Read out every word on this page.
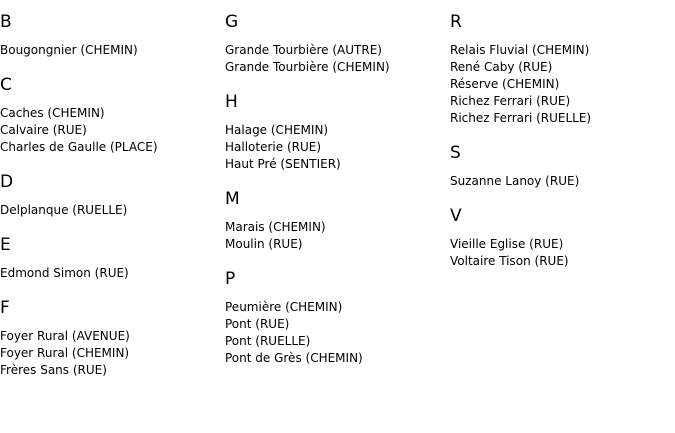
B
Bougongnier (CHEMIN)
C
Caches (CHEMIN)
Calvaire (RUE)
Charles de Gaulle (PLACE)
D
Delplanque (RUELLE)
E
Edmond Simon (RUE)
F
Foyer Rural (AVENUE)
Foyer Rural (CHEMIN)
Frères Sans (RUE)
G
Grande Tourbière (AUTRE)
Grande Tourbière (CHEMIN)
H
Halage (CHEMIN)
Halloterie (RUE)
Haut Pré (SENTIER)
M
Marais (CHEMIN)
Moulin (RUE)
P
Peumière (CHEMIN)
Pont (RUE)
Pont (RUELLE)
Pont de Grès (CHEMIN)
R
Relais Fluvial (CHEMIN)
René Caby (RUE)
Réserve (CHEMIN)
Richez Ferrari (RUE)
Richez Ferrari (RUELLE)
S
Suzanne Lanoy (RUE)
V
Vieille Eglise (RUE)
Voltaire Tison (RUE)
